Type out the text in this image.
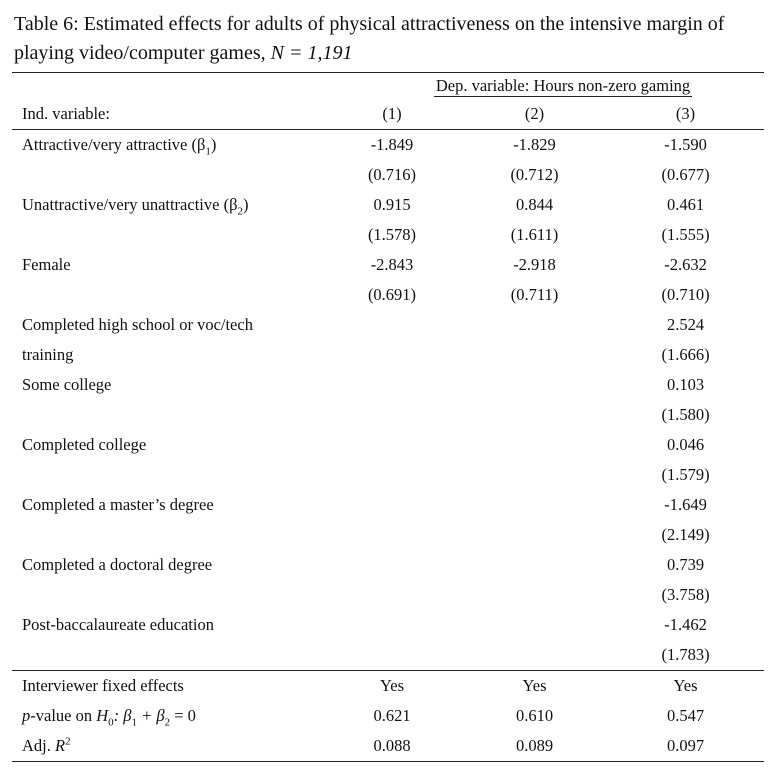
Table 6: Estimated effects for adults of physical attractiveness on the intensive margin of playing video/computer games, N = 1,191

	Dep. variable: Hours non-zero gaming		
Ind. variable:	(1)	(2)	(3)
Attractive/very attractive $(\beta_1)$	-1.849	-1.829	-1.590
	(0.716)	(0.712)	(0.677)
Unattractive/very unattractive $(\beta_2)$	0.915	0.844	0.461
	(1.578)	(1.611)	(1.555)
Female	-2.843	-2.918	-2.632
	(0.691)	(0.711)	(0.710)
Completed high school or voc/tech			2.524
training			(1.666)
Some college			0.103
			(1.580)
Completed college			0.046
			(1.579)
Completed a master’s degree			-1.649
			(2.149)
Completed a doctoral degree			0.739
			(3.758)
Post-baccalaureate education			-1.462
			(1.783)
Interviewer fixed effects	Yes	Yes	Yes
p-value on $H_0$: $\beta_1 + \beta_2 = 0$	0.621	0.610	0.547
Adj. $R^2$	0.088	0.089	0.097
